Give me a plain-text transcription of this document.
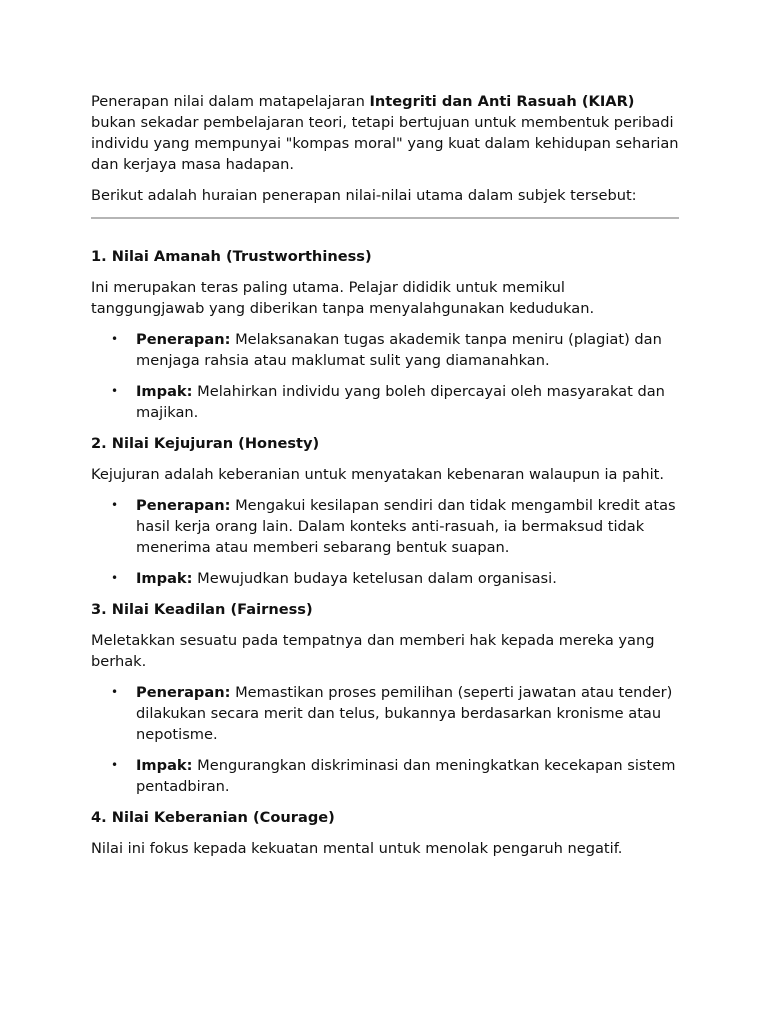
Penerapan nilai dalam matapelajaran Integriti dan Anti Rasuah (KIAR) bukan sekadar pembelajaran teori, tetapi bertujuan untuk membentuk peribadi individu yang mempunyai "kompas moral" yang kuat dalam kehidupan seharian dan kerjaya masa hadapan.

Berikut adalah huraian penerapan nilai-nilai utama dalam subjek tersebut:

1. Nilai Amanah (Trustworthiness)

Ini merupakan teras paling utama. Pelajar dididik untuk memikul tanggungjawab yang diberikan tanpa menyalahgunakan kedudukan.

• Penerapan: Melaksanakan tugas akademik tanpa meniru (plagiat) dan menjaga rahsia atau maklumat sulit yang diamanahkan.
• Impak: Melahirkan individu yang boleh dipercayai oleh masyarakat dan majikan.

2. Nilai Kejujuran (Honesty)

Kejujuran adalah keberanian untuk menyatakan kebenaran walaupun ia pahit.

• Penerapan: Mengakui kesilapan sendiri dan tidak mengambil kredit atas hasil kerja orang lain. Dalam konteks anti-rasuah, ia bermaksud tidak menerima atau memberi sebarang bentuk suapan.
• Impak: Mewujudkan budaya ketelusan dalam organisasi.

3. Nilai Keadilan (Fairness)

Meletakkan sesuatu pada tempatnya dan memberi hak kepada mereka yang berhak.

• Penerapan: Memastikan proses pemilihan (seperti jawatan atau tender) dilakukan secara merit dan telus, bukannya berdasarkan kronisme atau nepotisme.
• Impak: Mengurangkan diskriminasi dan meningkatkan kecekapan sistem pentadbiran.

4. Nilai Keberanian (Courage)

Nilai ini fokus kepada kekuatan mental untuk menolak pengaruh negatif.
